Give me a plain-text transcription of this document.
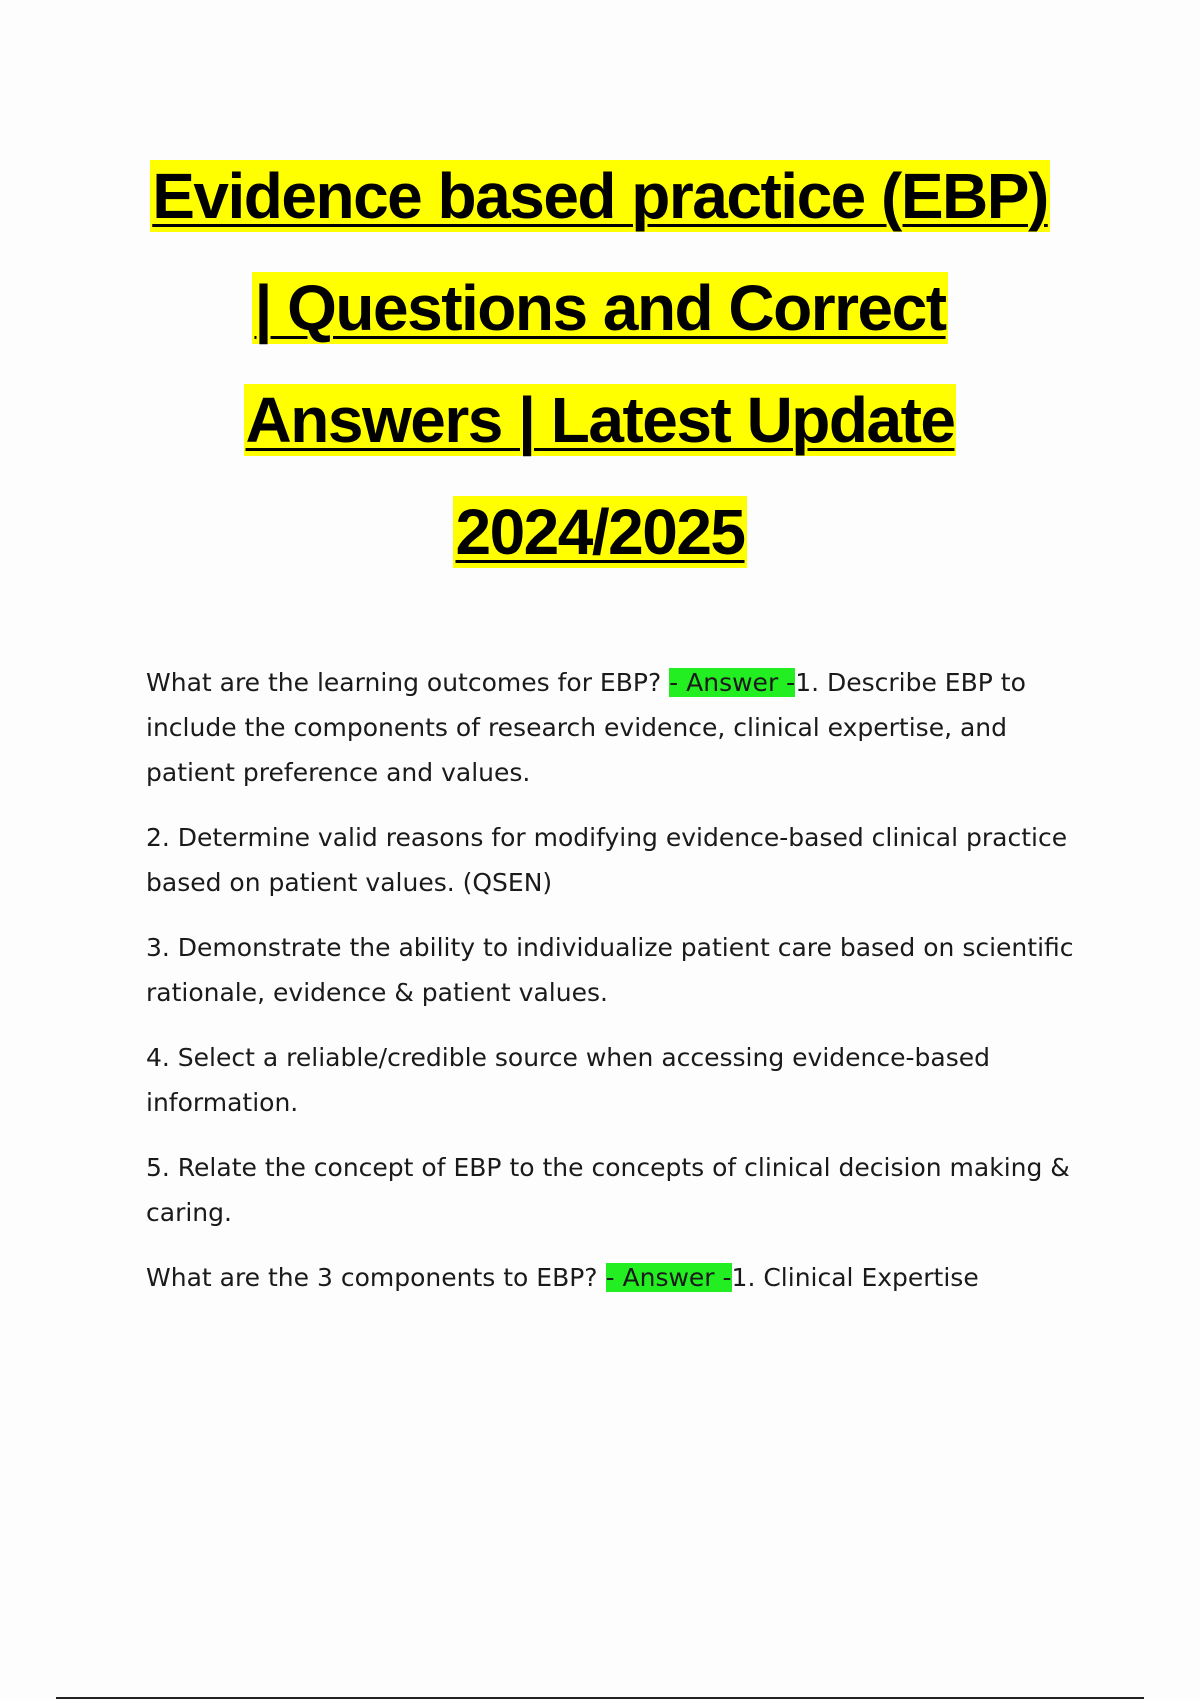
Evidence based practice (EBP)
| Questions and Correct
Answers | Latest Update
2024/2025

What are the learning outcomes for EBP? - Answer -1. Describe EBP to include the components of research evidence, clinical expertise, and patient preference and values.

2. Determine valid reasons for modifying evidence-based clinical practice based on patient values. (QSEN)

3. Demonstrate the ability to individualize patient care based on scientific rationale, evidence & patient values.

4. Select a reliable/credible source when accessing evidence-based information.

5. Relate the concept of EBP to the concepts of clinical decision making & caring.

What are the 3 components to EBP? - Answer -1. Clinical Expertise
